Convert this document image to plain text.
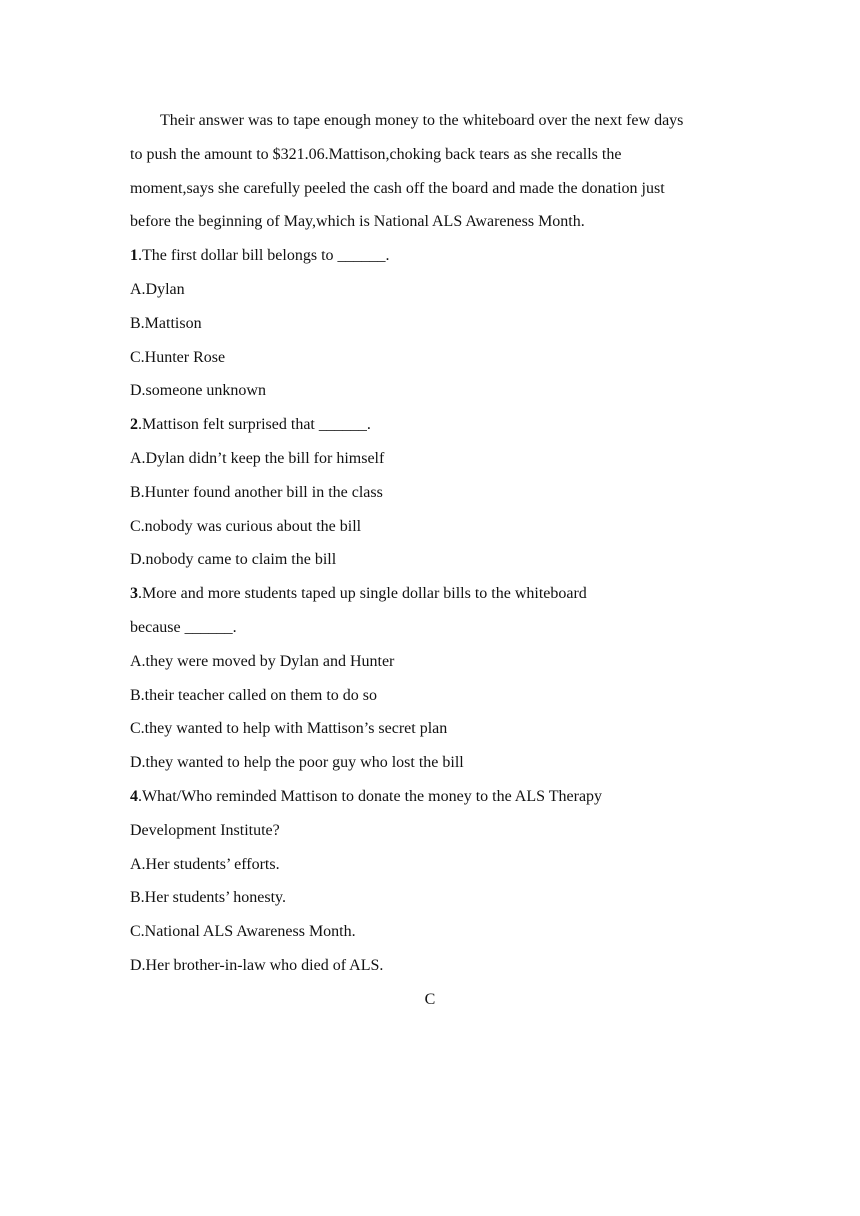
Their answer was to tape enough money to the whiteboard over the next few days
to push the amount to $321.06.Mattison,choking back tears as she recalls the
moment,says she carefully peeled the cash off the board and made the donation just
before the beginning of May,which is National ALS Awareness Month.

1.The first dollar bill belongs to ______.
A.Dylan
B.Mattison
C.Hunter Rose
D.someone unknown
2.Mattison felt surprised that ______.
A.Dylan didn’t keep the bill for himself
B.Hunter found another bill in the class
C.nobody was curious about the bill
D.nobody came to claim the bill
3.More and more students taped up single dollar bills to the whiteboard
because ______.
A.they were moved by Dylan and Hunter
B.their teacher called on them to do so
C.they wanted to help with Mattison’s secret plan
D.they wanted to help the poor guy who lost the bill
4.What/Who reminded Mattison to donate the money to the ALS Therapy
Development Institute?
A.Her students’ efforts.
B.Her students’ honesty.
C.National ALS Awareness Month.
D.Her brother-in-law who died of ALS.
C
